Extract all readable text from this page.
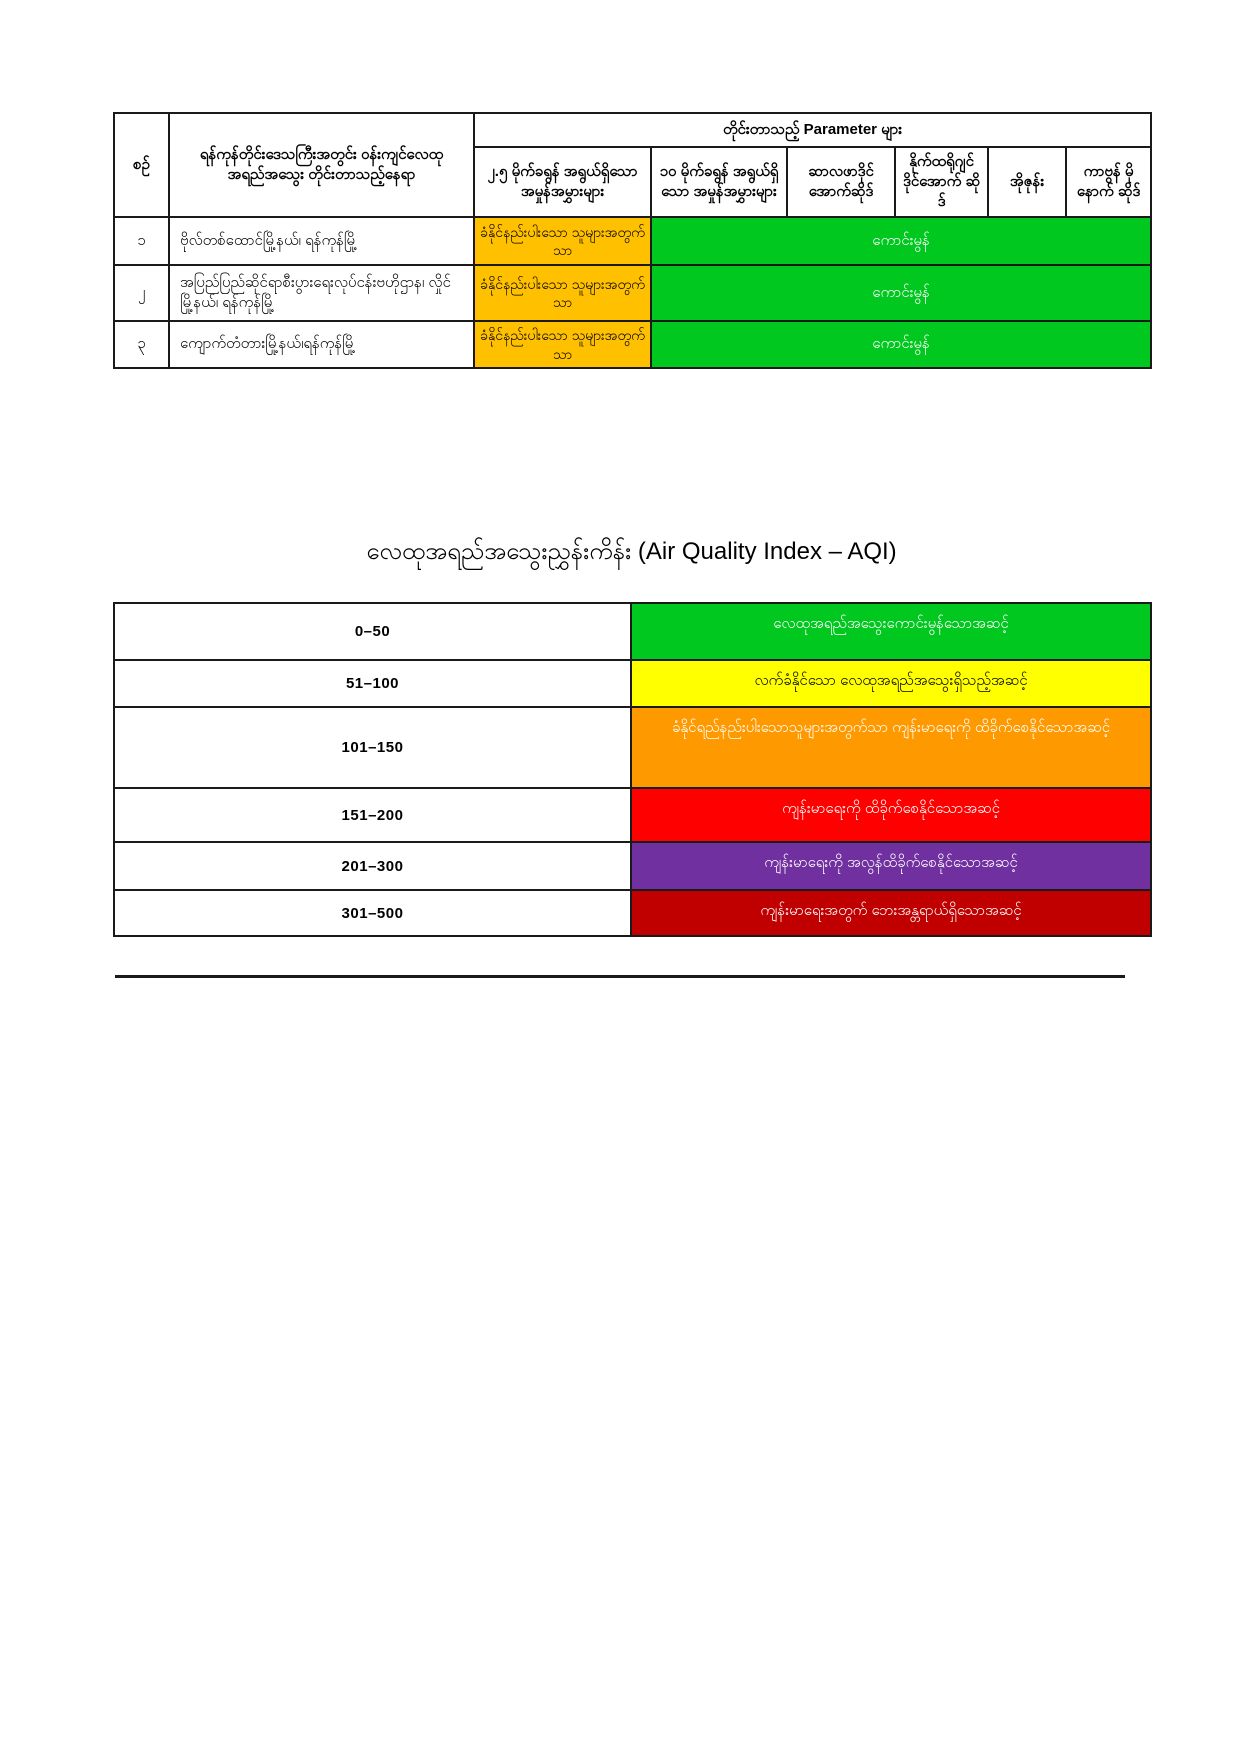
စဉ်	ရန်ကုန်တိုင်းဒေသကြီးအတွင်း ဝန်းကျင်လေထု အရည်အသွေး တိုင်းတာသည့်နေရာ	တိုင်းတာသည့် Parameter များ					
		၂.၅ မိုက်ခရွန် အရွယ်ရှိသော အမှုန်အမွှားများ	၁၀ မိုက်ခရွန် အရွယ်ရှိသော အမှုန်အမွှားများ	ဆာလဖာဒိုင် အောက်ဆိုဒ်	နိုက်ထရိုဂျင် ဒိုင်အောက် ဆိုဒ်	အိုဇုန်း	ကာဗွန် မိုနောက် ဆိုဒ်
၁	ဗိုလ်တစ်ထောင်မြို့နယ်၊ ရန်ကုန်မြို့	ခံနိုင်နည်းပါးသော သူများအတွက်သာ	ကောင်းမွန်				
၂	အပြည်ပြည်ဆိုင်ရာစီးပွားရေးလုပ်ငန်းဗဟိုဌာန၊ လှိုင်မြို့နယ်၊ ရန်ကုန်မြို့	ခံနိုင်နည်းပါးသော သူများအတွက်သာ	ကောင်းမွန်				
၃	ကျောက်တံတားမြို့နယ်၊ရန်ကုန်မြို့	ခံနိုင်နည်းပါးသော သူများအတွက်သာ	ကောင်းမွန်				
လေထုအရည်အသွေးညွှန်းကိန်း (Air Quality Index – AQI)
0–50	လေထုအရည်အသွေးကောင်းမွန်သောအဆင့်
51–100	လက်ခံနိုင်သော လေထုအရည်အသွေးရှိသည့်အဆင့်
101–150	ခံနိုင်ရည်နည်းပါးသောသူများအတွက်သာ ကျန်းမာရေးကို ထိခိုက်စေနိုင်သောအဆင့်
151–200	ကျန်းမာရေးကို ထိခိုက်စေနိုင်သောအဆင့်
201–300	ကျန်းမာရေးကို အလွန်ထိခိုက်စေနိုင်သောအဆင့်
301–500	ကျန်းမာရေးအတွက် ဘေးအန္တရာယ်ရှိသောအဆင့်
